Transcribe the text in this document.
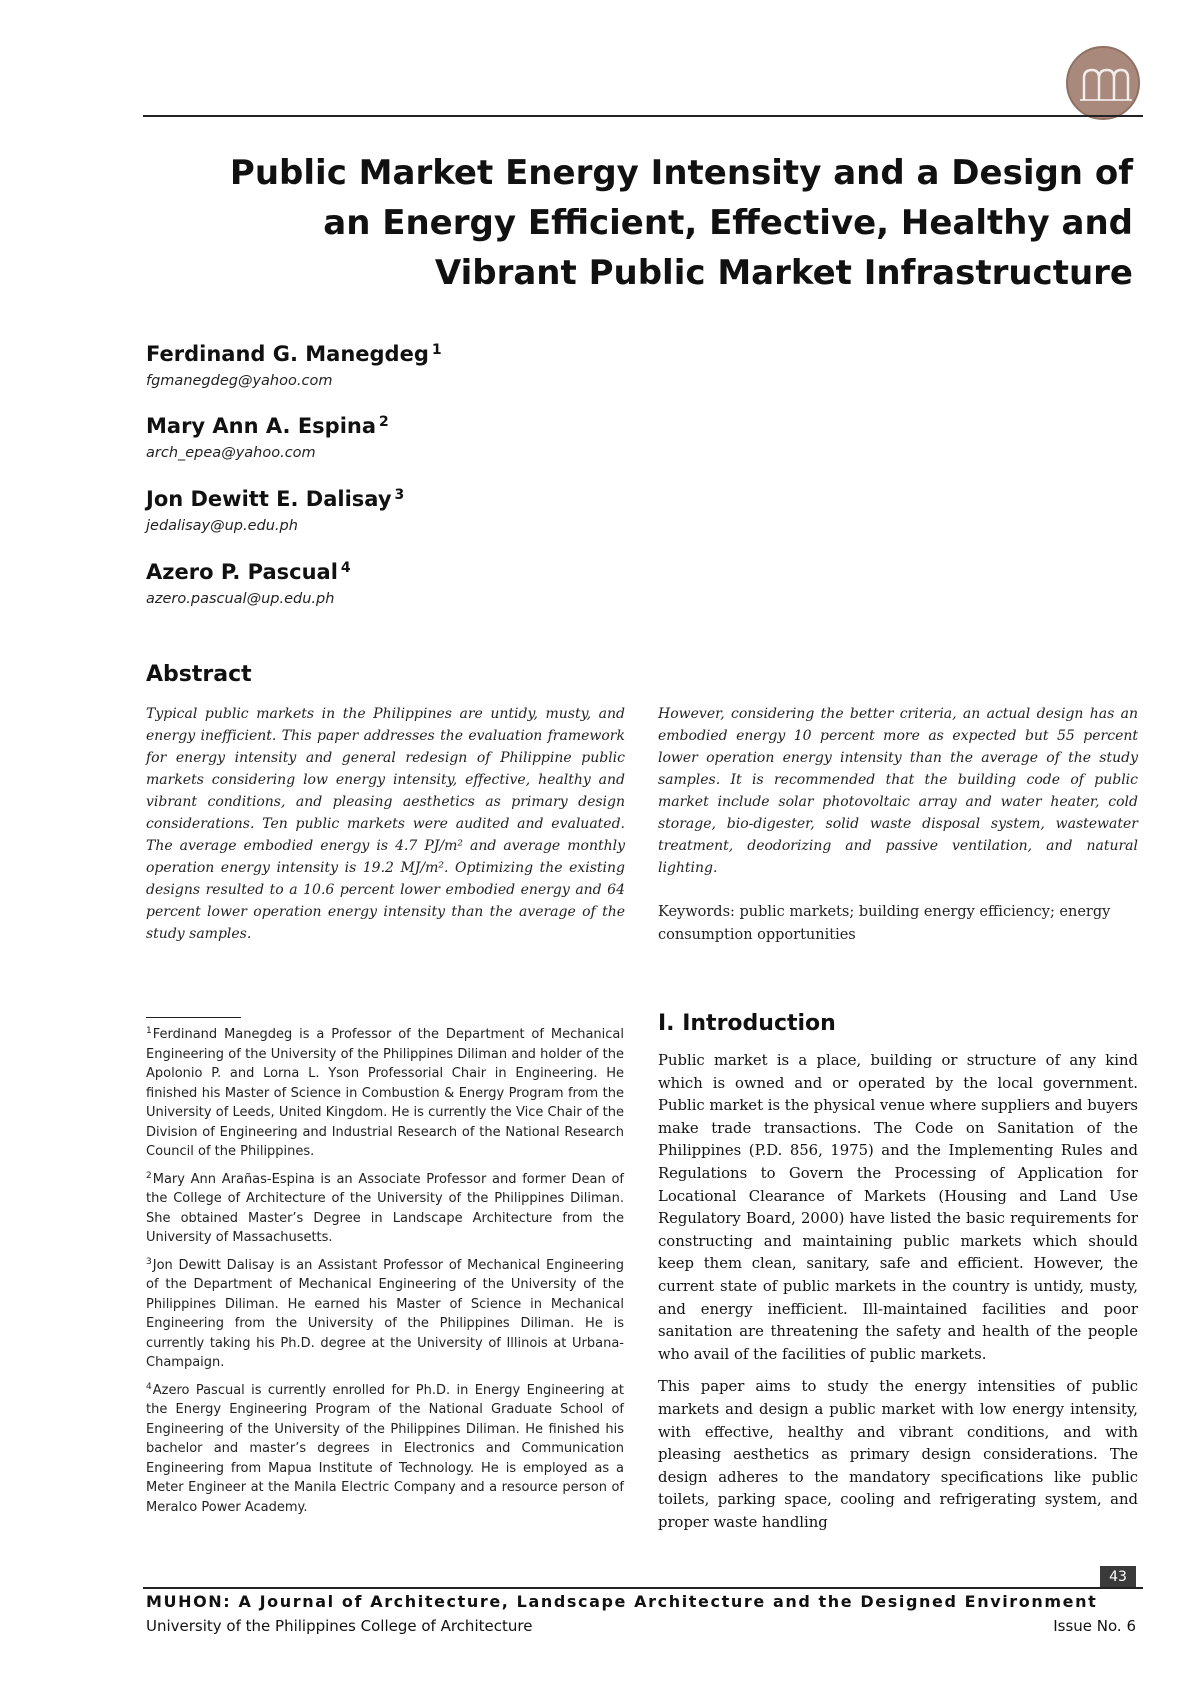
Public Market Energy Intensity and a Design of
an Energy Efficient, Effective, Healthy and
Vibrant Public Market Infrastructure
Ferdinand G. Manegdeg $^1$
fgmanegdeg@yahoo.com
Mary Ann A. Espina $^2$
arch_epea@yahoo.com
Jon Dewitt E. Dalisay $^3$
jedalisay@up.edu.ph
Azero P. Pascual $^4$
azero.pascual@up.edu.ph
Abstract
Typical public markets in the Philippines are untidy, musty, and energy inefficient. This paper addresses the evaluation framework for energy intensity and general redesign of Philippine public markets considering low energy intensity, effective, healthy and vibrant conditions, and pleasing aesthetics as primary design considerations. Ten public markets were audited and evaluated. The average embodied energy is 4.7 PJ/m² and average monthly operation energy intensity is 19.2 MJ/m². Optimizing the existing designs resulted to a 10.6 percent lower embodied energy and 64 percent lower operation energy intensity than the average of the study samples.
However, considering the better criteria, an actual design has an embodied energy 10 percent more as expected but 55 percent lower operation energy intensity than the average of the study samples. It is recommended that the building code of public market include solar photovoltaic array and water heater, cold storage, bio-digester, solid waste disposal system, wastewater treatment, deodorizing and passive ventilation, and natural lighting.
Keywords: public markets; building energy efficiency; energy consumption opportunities
$^1$Ferdinand Manegdeg is a Professor of the Department of Mechanical Engineering of the University of the Philippines Diliman and holder of the Apolonio P. and Lorna L. Yson Professorial Chair in Engineering. He finished his Master of Science in Combustion & Energy Program from the University of Leeds, United Kingdom. He is currently the Vice Chair of the Division of Engineering and Industrial Research of the National Research Council of the Philippines.
$^2$Mary Ann Arañas-Espina is an Associate Professor and former Dean of the College of Architecture of the University of the Philippines Diliman. She obtained Master’s Degree in Landscape Architecture from the University of Massachusetts.
$^3$Jon Dewitt Dalisay is an Assistant Professor of Mechanical Engineering of the Department of Mechanical Engineering of the University of the Philippines Diliman. He earned his Master of Science in Mechanical Engineering from the University of the Philippines Diliman. He is currently taking his Ph.D. degree at the University of Illinois at Urbana-Champaign.
$^4$Azero Pascual is currently enrolled for Ph.D. in Energy Engineering at the Energy Engineering Program of the National Graduate School of Engineering of the University of the Philippines Diliman. He finished his bachelor and master’s degrees in Electronics and Communication Engineering from Mapua Institute of Technology. He is employed as a Meter Engineer at the Manila Electric Company and a resource person of Meralco Power Academy.
I. Introduction

Public market is a place, building or structure of any kind which is owned and or operated by the local government. Public market is the physical venue where suppliers and buyers make trade transactions. The Code on Sanitation of the Philippines (P.D. 856, 1975) and the Implementing Rules and Regulations to Govern the Processing of Application for Locational Clearance of Markets (Housing and Land Use Regulatory Board, 2000) have listed the basic requirements for constructing and maintaining public markets which should keep them clean, sanitary, safe and efficient. However, the current state of public markets in the country is untidy, musty, and energy inefficient. Ill-maintained facilities and poor sanitation are threatening the safety and health of the people who avail of the facilities of public markets.

This paper aims to study the energy intensities of public markets and design a public market with low energy intensity, with effective, healthy and vibrant conditions, and with pleasing aesthetics as primary design considerations. The design adheres to the mandatory specifications like public toilets, parking space, cooling and refrigerating system, and proper waste handling

43
MUHON: A Journal of Architecture, Landscape Architecture and the Designed Environment
University of the Philippines College of Architecture	Issue No. 6
